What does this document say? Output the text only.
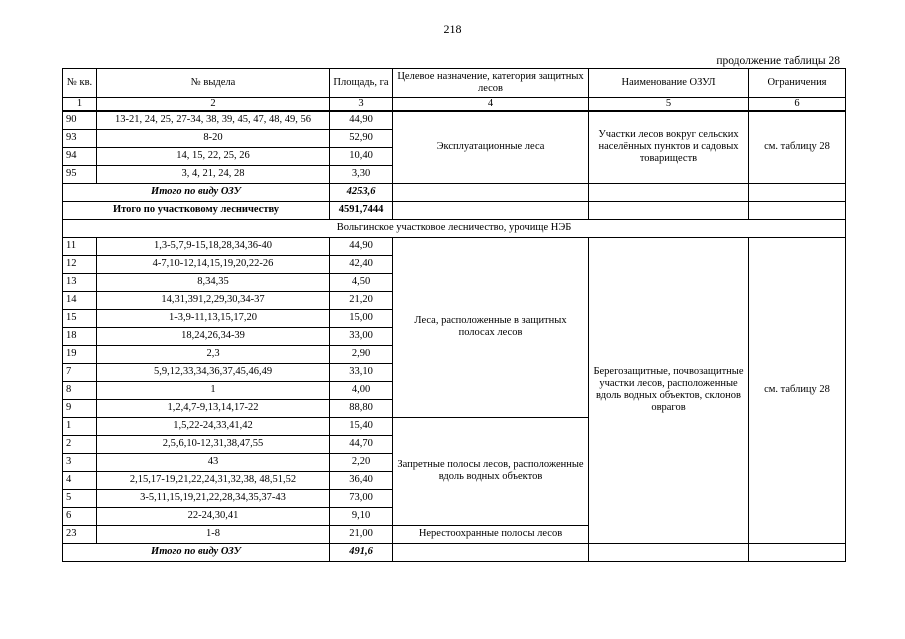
218
продолжение таблицы 28
№ кв.	№ выдела	Площадь, га	Целевое назначение, категория защитных лесов	Наименование ОЗУЛ	Ограничения
1	2	3	4	5	6
90	13-21, 24, 25, 27-34, 38, 39, 45, 47, 48, 49, 56	44,90	Эксплуатационные леса	Участки лесов вокруг сельских населённых пунктов и садовых товариществ	см. таблицу 28
93	8-20	52,90			
94	14, 15, 22, 25, 26	10,40			
95	3, 4, 21, 24, 28	3,30			
Итого по виду ОЗУ		4253,6			
Итого по участковому лесничеству		4591,7444			
Вольгинское участковое лесничество, урочище НЭБ					
11	1,3-5,7,9-15,18,28,34,36-40	44,90	Леса, расположенные в защитных полосах лесов	Берегозащитные, почвозащитные участки лесов, расположенные вдоль водных объектов, склонов оврагов	см. таблицу 28
12	4-7,10-12,14,15,19,20,22-26	42,40			
13	8,34,35	4,50			
14	14,31,391,2,29,30,34-37	21,20			
15	1-3,9-11,13,15,17,20	15,00			
18	18,24,26,34-39	33,00			
19	2,3	2,90			
7	5,9,12,33,34,36,37,45,46,49	33,10			
8	1	4,00			
9	1,2,4,7-9,13,14,17-22	88,80			
1	1,5,22-24,33,41,42	15,40	Запретные полосы лесов, расположенные вдоль водных объектов		
2	2,5,6,10-12,31,38,47,55	44,70			
3	43	2,20			
4	2,15,17-19,21,22,24,31,32,38, 48,51,52	36,40			
5	3-5,11,15,19,21,22,28,34,35,37-43	73,00			
6	22-24,30,41	9,10			
23	1-8	21,00	Нерестоохранные полосы лесов		
Итого по виду ОЗУ		491,6			
